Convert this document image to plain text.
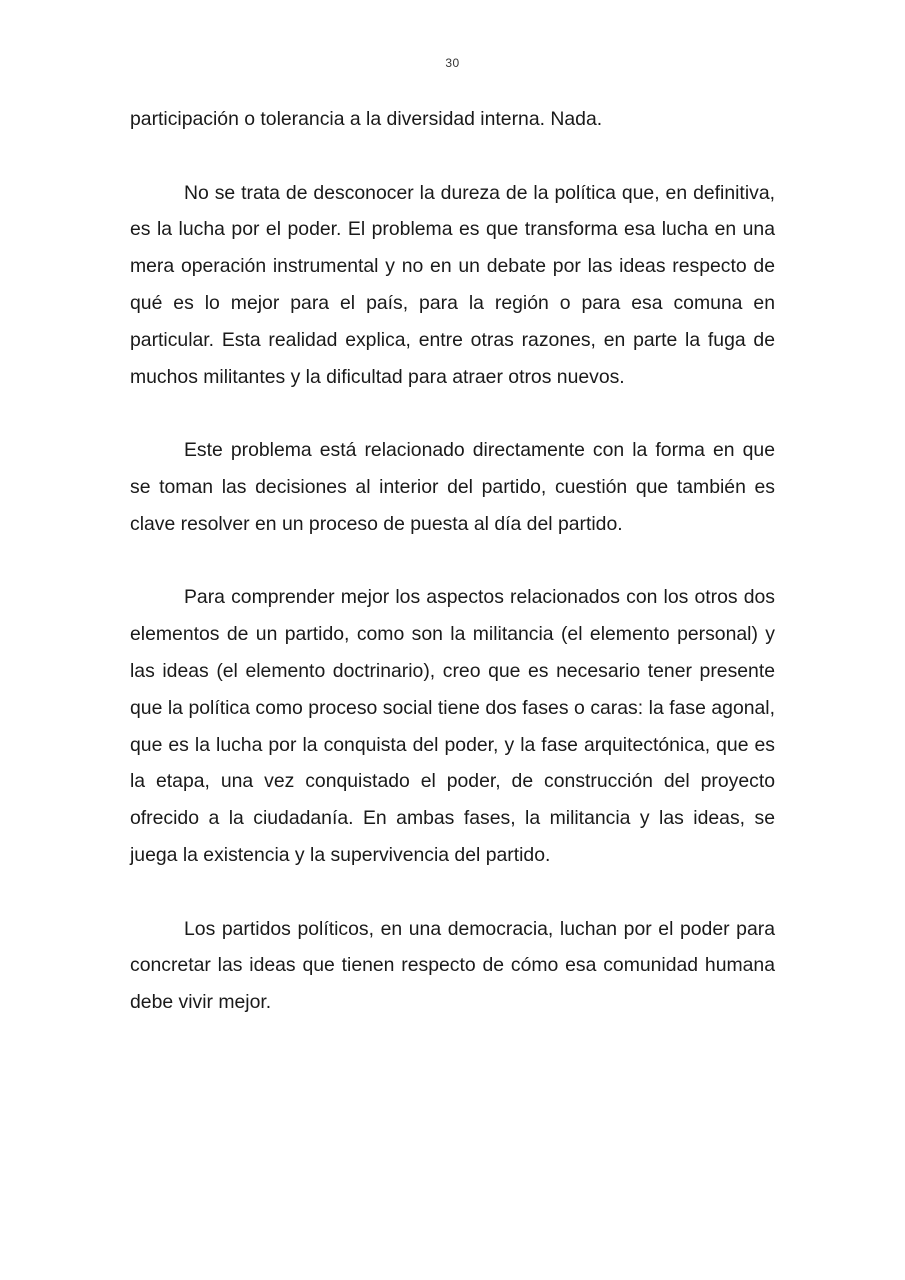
30

participación o tolerancia a la diversidad interna. Nada.

No se trata de desconocer la dureza de la política que, en definitiva, es la lucha por el poder. El problema es que transforma esa lucha en una mera operación instrumental y no en un debate por las ideas respecto de qué es lo mejor para el país, para la región o para esa comuna en particular. Esta realidad explica, entre otras razones, en parte la fuga de muchos militantes y la dificultad para atraer otros nuevos.

Este problema está relacionado directamente con la forma en que se toman las decisiones al interior del partido, cuestión que también es clave resolver en un proceso de puesta al día del partido.

Para comprender mejor los aspectos relacionados con los otros dos elementos de un partido, como son la militancia (el elemento personal) y las ideas (el elemento doctrinario), creo que es necesario tener presente que la política como proceso social tiene dos fases o caras: la fase agonal, que es la lucha por la conquista del poder, y la fase arquitectónica, que es la etapa, una vez conquistado el poder, de construcción del proyecto ofrecido a la ciudadanía. En ambas fases, la militancia y las ideas, se juega la existencia y la supervivencia del partido.

Los partidos políticos, en una democracia, luchan por el poder para concretar las ideas que tienen respecto de cómo esa comunidad humana debe vivir mejor.
